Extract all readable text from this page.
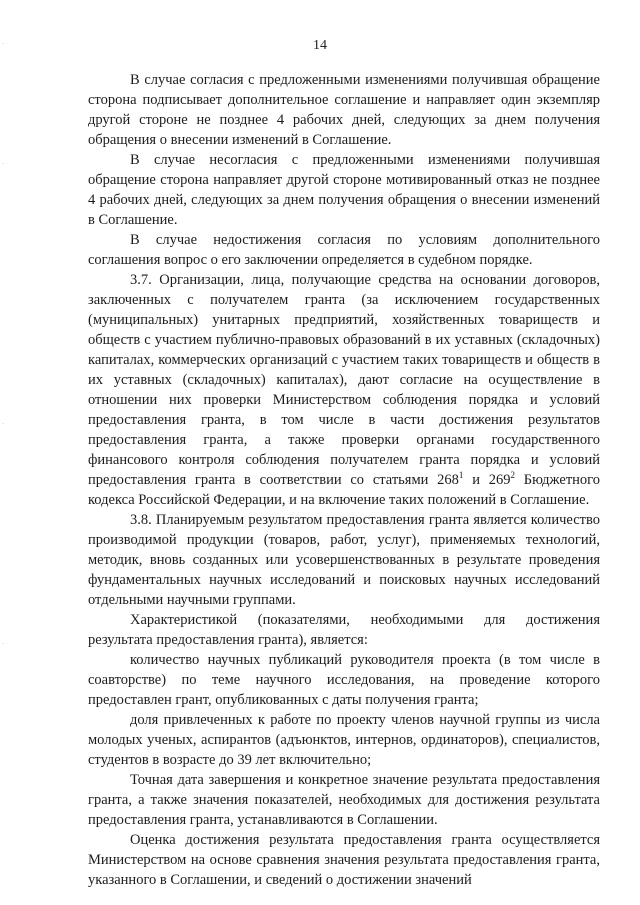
·
·
·
·
14

В случае согласия с предложенными изменениями получившая обращение сторона подписывает дополнительное соглашение и направляет один экземпляр другой стороне не позднее 4 рабочих дней, следующих за днем получения обращения о внесении изменений в Соглашение.

В случае несогласия с предложенными изменениями получившая обращение сторона направляет другой стороне мотивированный отказ не позднее 4 рабочих дней, следующих за днем получения обращения о внесении изменений в Соглашение.

В случае недостижения согласия по условиям дополнительного соглашения вопрос о его заключении определяется в судебном порядке.

3.7. Организации, лица, получающие средства на основании договоров, заключенных с получателем гранта (за исключением государственных (муниципальных) унитарных предприятий, хозяйственных товариществ и обществ с участием публично-правовых образований в их уставных (складочных) капиталах, коммерческих организаций с участием таких товариществ и обществ в их уставных (складочных) капиталах), дают согласие на осуществление в отношении них проверки Министерством соблюдения порядка и условий предоставления гранта, в том числе в части достижения результатов предоставления гранта, а также проверки органами государственного финансового контроля соблюдения получателем гранта порядка и условий предоставления гранта в соответствии со статьями $268^1$ и $269^2$ Бюджетного кодекса Российской Федерации, и на включение таких положений в Соглашение.

3.8. Планируемым результатом предоставления гранта является количество производимой продукции (товаров, работ, услуг), применяемых технологий, методик, вновь созданных или усовершенствованных в результате проведения фундаментальных научных исследований и поисковых научных исследований отдельными научными группами.

Характеристикой (показателями, необходимыми для достижения результата предоставления гранта), является:

количество научных публикаций руководителя проекта (в том числе в соавторстве) по теме научного исследования, на проведение которого предоставлен грант, опубликованных с даты получения гранта;

доля привлеченных к работе по проекту членов научной группы из числа молодых ученых, аспирантов (адъюнктов, интернов, ординаторов), специалистов, студентов в возрасте до 39 лет включительно;

Точная дата завершения и конкретное значение результата предоставления гранта, а также значения показателей, необходимых для достижения результата предоставления гранта, устанавливаются в Соглашении.

Оценка достижения результата предоставления гранта осуществляется Министерством на основе сравнения значения результата предоставления гранта, указанного в Соглашении, и сведений о достижении значений
